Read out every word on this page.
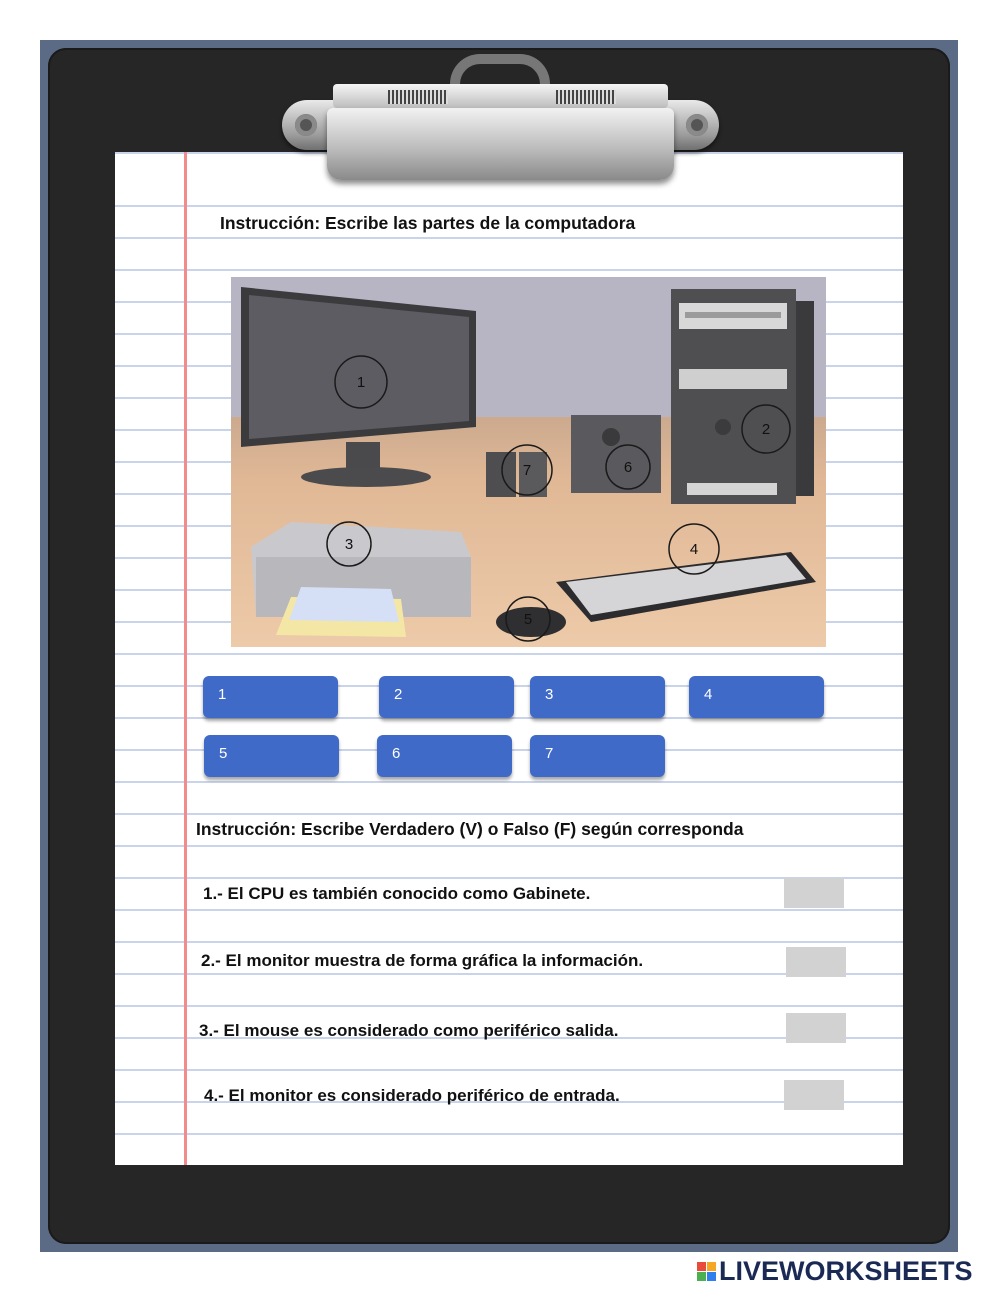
Instrucción: Escribe las partes de la computadora
1
2
3	4
5
6
7
1	2	3	4
5	6	7
Instrucción: Escribe Verdadero (V) o Falso (F) según corresponda
1.- El CPU es también conocido como Gabinete.
2.- El monitor muestra de forma gráfica la información.
3.- El mouse es considerado como periférico salida.
4.- El monitor es considerado periférico de entrada.
LIVEWORKSHEETS
